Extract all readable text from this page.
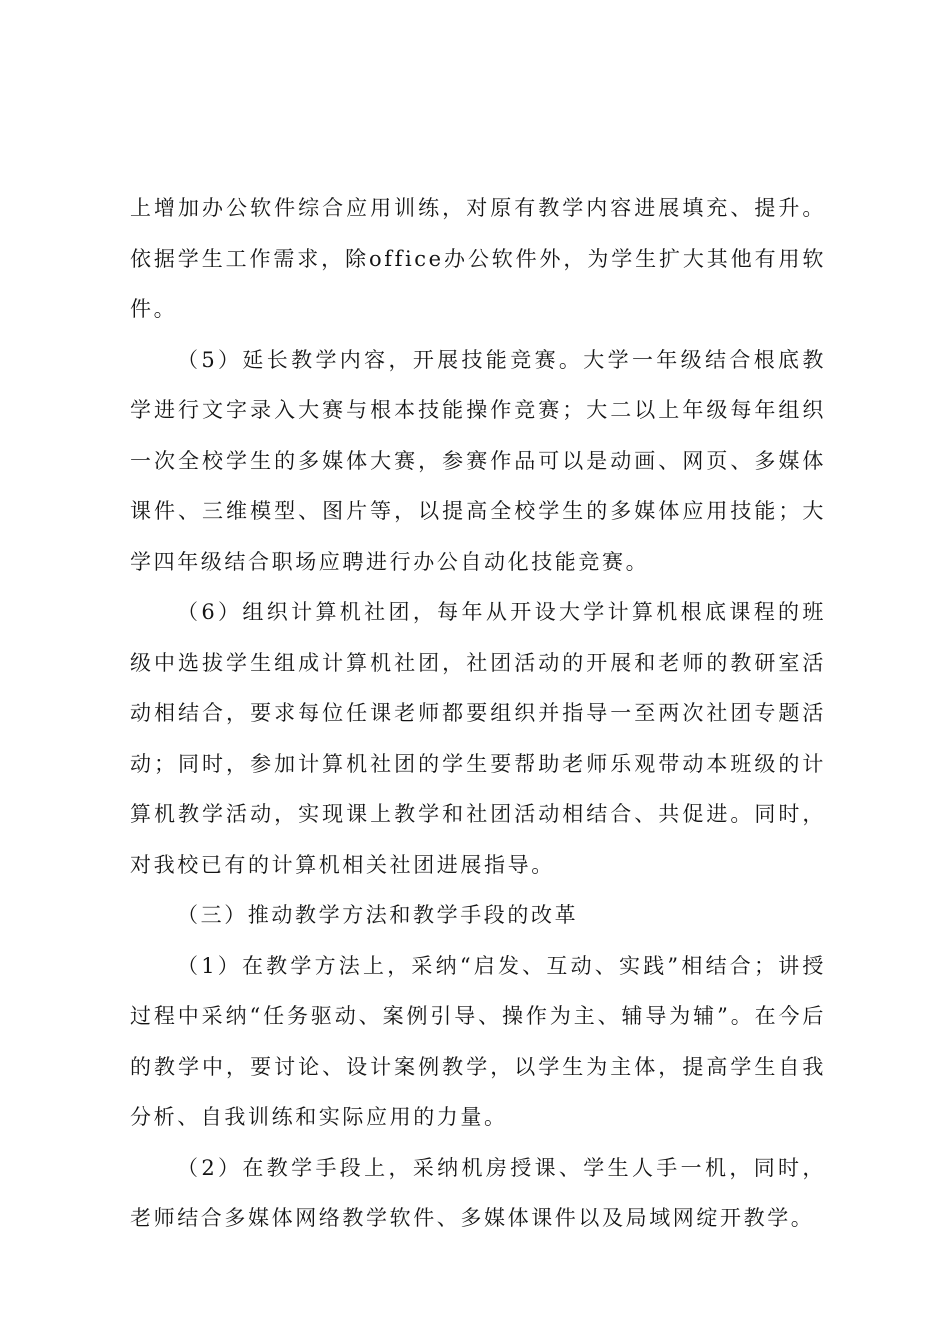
上增加办公软件综合应用训练，对原有教学内容进展填充、提升。依据学生工作需求，除office办公软件外，为学生扩大其他有用软件。

（5）延长教学内容，开展技能竞赛。大学一年级结合根底教学进行文字录入大赛与根本技能操作竞赛；大二以上年级每年组织一次全校学生的多媒体大赛，参赛作品可以是动画、网页、多媒体课件、三维模型、图片等，以提高全校学生的多媒体应用技能；大学四年级结合职场应聘进行办公自动化技能竞赛。

（6）组织计算机社团，每年从开设大学计算机根底课程的班级中选拔学生组成计算机社团，社团活动的开展和老师的教研室活动相结合，要求每位任课老师都要组织并指导一至两次社团专题活动；同时，参加计算机社团的学生要帮助老师乐观带动本班级的计算机教学活动，实现课上教学和社团活动相结合、共促进。同时，对我校已有的计算机相关社团进展指导。

（三）推动教学方法和教学手段的改革

（1）在教学方法上，采纳“启发、互动、实践”相结合；讲授过程中采纳“任务驱动、案例引导、操作为主、辅导为辅”。在今后的教学中，要讨论、设计案例教学，以学生为主体，提高学生自我分析、自我训练和实际应用的力量。

（2）在教学手段上，采纳机房授课、学生人手一机，同时，老师结合多媒体网络教学软件、多媒体课件以及局域网绽开教学。
